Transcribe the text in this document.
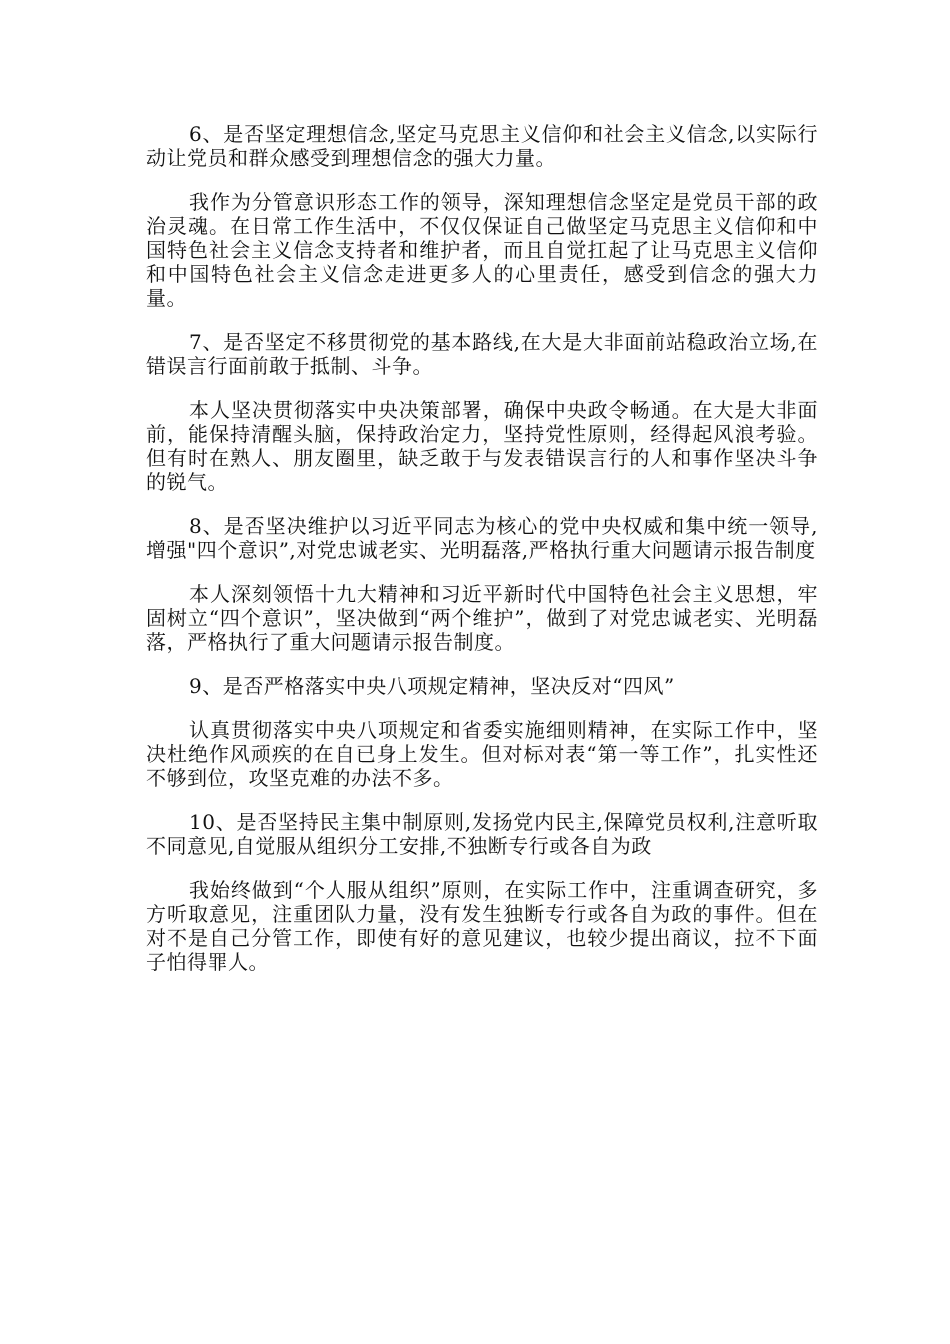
6、是否坚定理想信念,坚定马克思主义信仰和社会主义信念,以实际行动让党员和群众感受到理想信念的强大力量。

我作为分管意识形态工作的领导，深知理想信念坚定是党员干部的政治灵魂。在日常工作生活中，不仅仅保证自己做坚定马克思主义信仰和中国特色社会主义信念支持者和维护者，而且自觉扛起了让马克思主义信仰和中国特色社会主义信念走进更多人的心里责任，感受到信念的强大力量。

7、是否坚定不移贯彻党的基本路线,在大是大非面前站稳政治立场,在错误言行面前敢于抵制、斗争。

本人坚决贯彻落实中央决策部署，确保中央政令畅通。在大是大非面前，能保持清醒头脑，保持政治定力，坚持党性原则，经得起风浪考验。但有时在熟人、朋友圈里，缺乏敢于与发表错误言行的人和事作坚决斗争的锐气。

8、是否坚决维护以习近平同志为核心的党中央权威和集中统一领导,增强"四个意识”,对党忠诚老实、光明磊落,严格执行重大问题请示报告制度

本人深刻领悟十九大精神和习近平新时代中国特色社会主义思想，牢固树立“四个意识”，坚决做到“两个维护”，做到了对党忠诚老实、光明磊落，严格执行了重大问题请示报告制度。

9、是否严格落实中央八项规定精神，坚决反对“四风”

认真贯彻落实中央八项规定和省委实施细则精神，在实际工作中，坚决杜绝作风顽疾的在自已身上发生。但对标对表“第一等工作”，扎实性还不够到位，攻坚克难的办法不多。

10、是否坚持民主集中制原则,发扬党内民主,保障党员权利,注意听取不同意见,自觉服从组织分工安排,不独断专行或各自为政

我始终做到“个人服从组织”原则，在实际工作中，注重调查研究，多方听取意见，注重团队力量，没有发生独断专行或各自为政的事件。但在对不是自己分管工作，即使有好的意见建议，也较少提出商议，拉不下面子怕得罪人。
